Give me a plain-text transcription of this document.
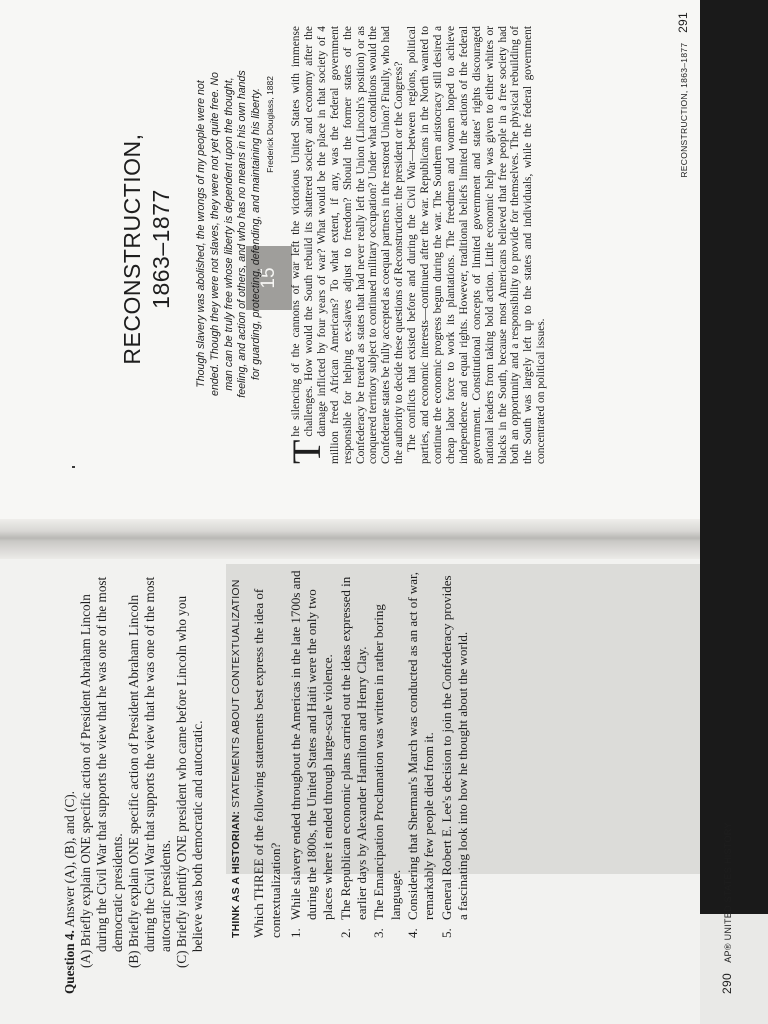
Question 4. Answer (A), (B), and (C). (A) Briefly explain ONE specific action of President Abraham Lincoln during the Civil War that supports the view that he was one of the most democratic presidents. (B) Briefly explain ONE specific action of President Abraham Lincoln during the Civil War that supports the view that he was one of the most autocratic presidents. (C) Briefly identify ONE president who came before Lincoln who you believe was both democratic and autocratic. THINK AS A HISTORIAN: STATEMENTS ABOUT CONTEXTUALIZATION Which THREE of the following statements best express the idea of contextualization? 1.
While slavery ended throughout the Americas in the late 1700s and during the 1800s, the United States and Haiti were the only two places where it ended through large-scale violence.
2.
The Republican economic plans carried out the ideas expressed in earlier days by Alexander Hamilton and Henry Clay.
3.
The Emancipation Proclamation was written in rather boring language.
4.
Considering that Sherman's March was conducted as an act of war, remarkably few people died from it.
5.
General Robert E. Lee's decision to join the Confederacy provides a fascinating look into how he thought about the world.
15
RECONSTRUCTION, 1863–1877 Though slavery was abolished, the wrongs of my people were not ended. Though they were not slaves, they were not yet quite free. No man can be truly free whose liberty is dependent upon the thought, feeling, and action of others, and who has no means in his own hands for guarding, protecting, defending, and maintaining his liberty. Frederick Douglass, 1882

T
he silencing of the cannons of war left the victorious United States with immense challenges. How would the South rebuild its shattered society and economy after the damage inflicted by four years of war? What would be the place in that society of 4 million freed African Americans? To what extent, if any, was the federal government responsible for helping ex-slaves adjust to freedom? Should the former states of the Confederacy be treated as states that had never really left the Union (Lincoln's position) or as conquered territory subject to continued military occupation? Under what conditions would the Confederate states be fully accepted as coequal partners in the restored Union? Finally, who had the authority to decide these questions of Reconstruction: the president or the Congress? The conflicts that existed before and during the Civil War—between regions, political parties, and economic interests—continued after the war. Republicans in the North wanted to continue the economic progress begun during the war. The Southern aristocracy still desired a cheap labor force to work its plantations. The freedmen and women hoped to achieve independence and equal rights. However, traditional beliefs limited the actions of the federal government. Constitutional concepts of limited government and states' rights discouraged national leaders from taking bold action. Little economic help was given to either whites or blacks in the South, because most Americans believed that free people in a free society had both an opportunity and a responsibility to provide for themselves. The physical rebuilding of the South was largely left up to the states and individuals, while the federal government concentrated on political issues.

290 AP® UNITED STATES HISTORY
RECONSTRUCTION, 1863–1877 291
